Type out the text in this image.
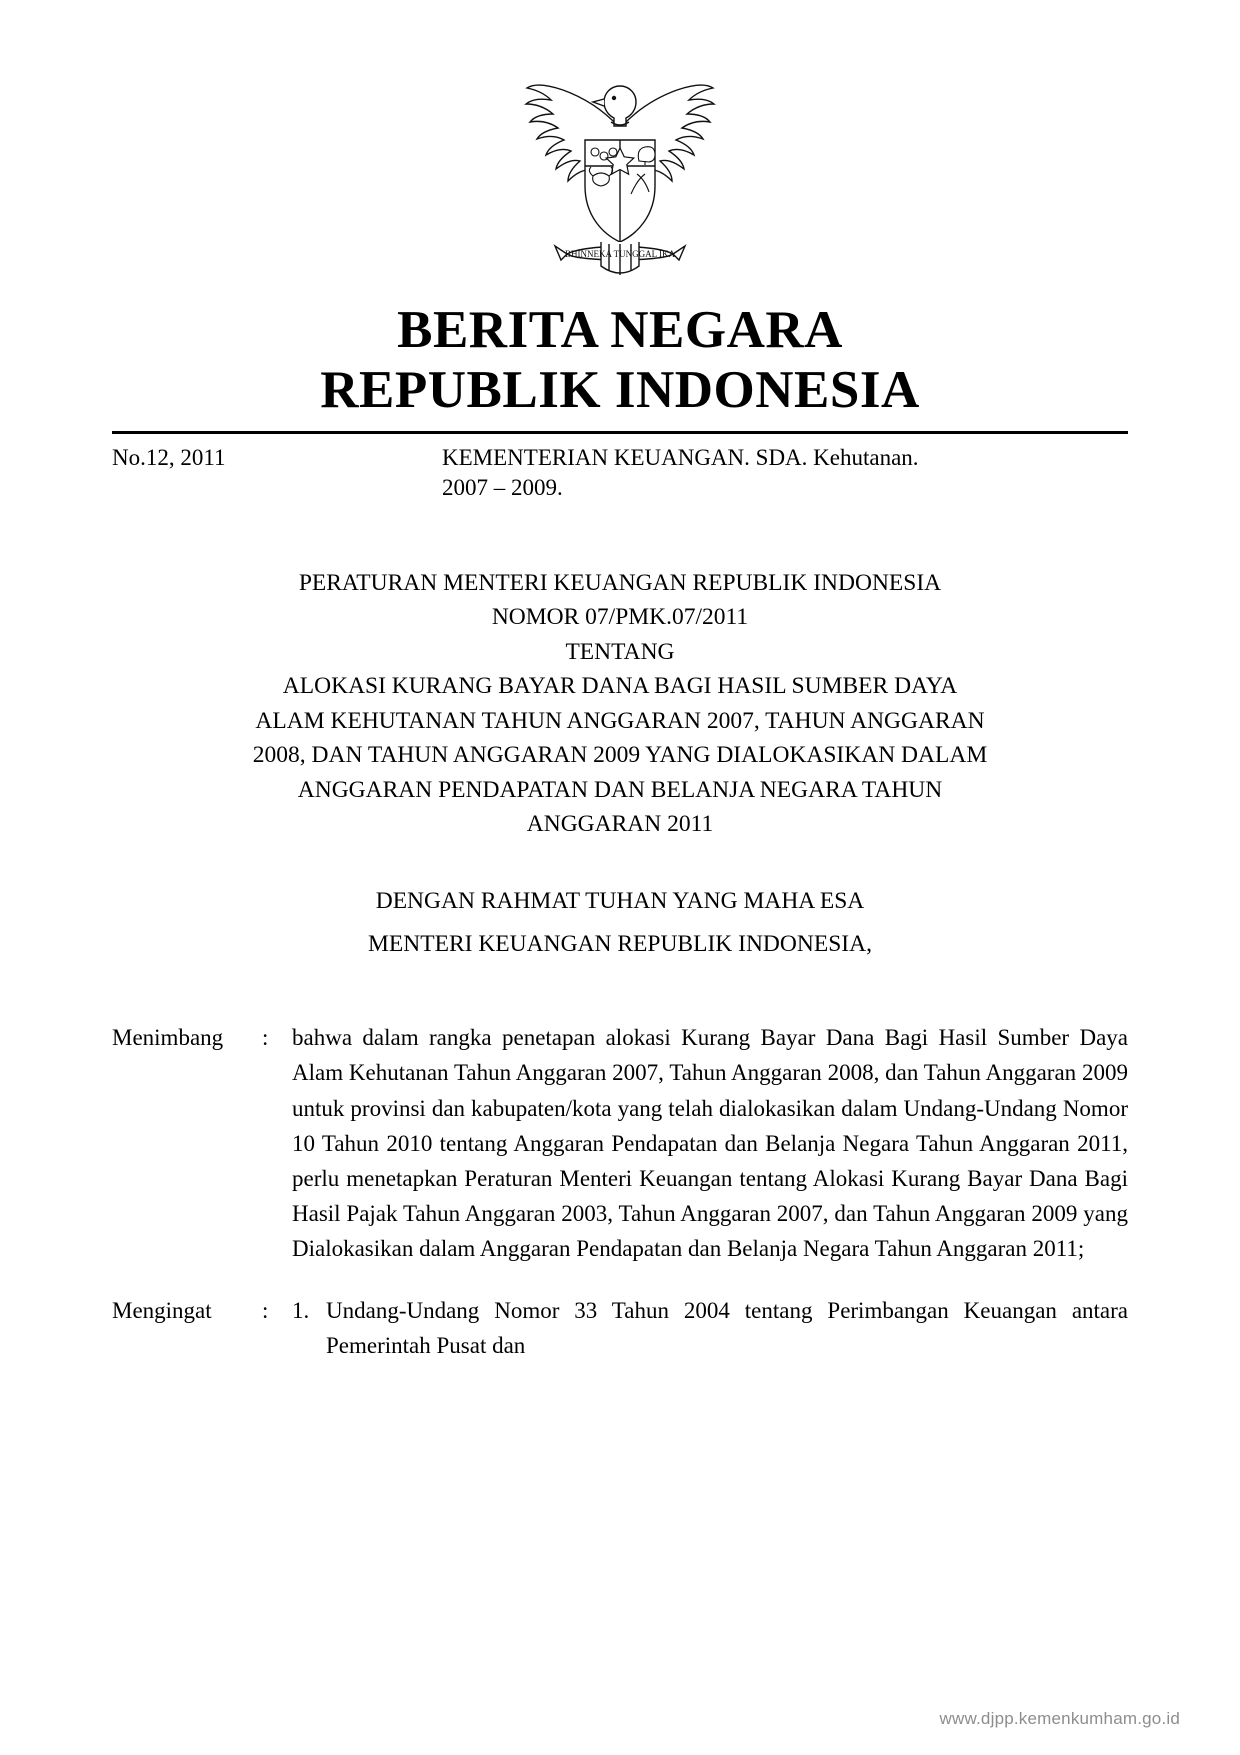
BHINNEKA TUNGGAL IKA
BERITA NEGARA
REPUBLIK INDONESIA
No.12, 2011	KEMENTERIAN KEUANGAN. SDA. Kehutanan.
2007 – 2009.
PERATURAN MENTERI KEUANGAN REPUBLIK INDONESIA
NOMOR 07/PMK.07/2011
TENTANG
ALOKASI KURANG BAYAR DANA BAGI HASIL SUMBER DAYA
ALAM KEHUTANAN TAHUN ANGGARAN 2007, TAHUN ANGGARAN
2008, DAN TAHUN ANGGARAN 2009 YANG DIALOKASIKAN DALAM
ANGGARAN PENDAPATAN DAN BELANJA NEGARA TAHUN
ANGGARAN 2011
DENGAN RAHMAT TUHAN YANG MAHA ESA
MENTERI KEUANGAN REPUBLIK INDONESIA,
Menimbang	:	bahwa dalam rangka penetapan alokasi Kurang Bayar Dana Bagi Hasil Sumber Daya Alam Kehutanan Tahun Anggaran 2007, Tahun Anggaran 2008, dan Tahun Anggaran 2009 untuk provinsi dan kabupaten/kota yang telah dialokasikan dalam Undang-Undang Nomor 10 Tahun 2010 tentang Anggaran Pendapatan dan Belanja Negara Tahun Anggaran 2011, perlu menetapkan Peraturan Menteri Keuangan tentang Alokasi Kurang Bayar Dana Bagi Hasil Pajak Tahun Anggaran 2003, Tahun Anggaran 2007, dan Tahun Anggaran 2009 yang Dialokasikan dalam Anggaran Pendapatan dan Belanja Negara Tahun Anggaran 2011;
Mengingat	:	1. Undang-Undang Nomor 33 Tahun 2004 tentang Perimbangan Keuangan antara Pemerintah Pusat dan
www.djpp.kemenkumham.go.id
